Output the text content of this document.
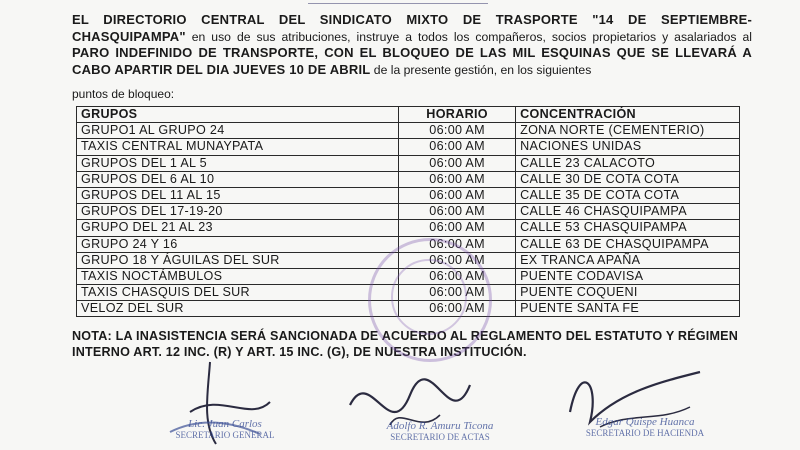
EL DIRECTORIO CENTRAL DEL SINDICATO MIXTO DE TRASPORTE "14 DE SEPTIEMBRE-CHASQUIPAMPA" en uso de sus atribuciones, instruye a todos los compañeros, socios propietarios y asalariados al PARO INDEFINIDO DE TRANSPORTE, CON EL BLOQUEO DE LAS MIL ESQUINAS QUE SE LLEVARÁ A CABO APARTIR DEL DIA JUEVES 10 DE ABRIL de la presente gestión, en los siguientes
puntos de bloqueo:
GRUPOS	HORARIO	CONCENTRACIÓN
GRUPO1 AL GRUPO 24	06:00 AM	ZONA NORTE (CEMENTERIO)
TAXIS CENTRAL MUNAYPATA	06:00 AM	NACIONES UNIDAS
GRUPOS DEL 1 AL 5	06:00 AM	CALLE 23 CALACOTO
GRUPOS DEL 6 AL 10	06:00 AM	CALLE 30 DE COTA COTA
GRUPOS DEL 11 AL 15	06:00 AM	CALLE 35 DE COTA COTA
GRUPOS DEL 17-19-20	06:00 AM	CALLE 46 CHASQUIPAMPA
GRUPO DEL 21 AL 23	06:00 AM	CALLE 53 CHASQUIPAMPA
GRUPO 24 Y 16	06:00 AM	CALLE 63 DE CHASQUIPAMPA
GRUPO 18 Y ÁGUILAS DEL SUR	06:00 AM	EX TRANCA APAÑA
TAXIS NOCTÁMBULOS	06:00 AM	PUENTE CODAVISA
TAXIS CHASQUIS DEL SUR	06:00 AM	PUENTE COQUENI
VELOZ DEL SUR	06:00 AM	PUENTE SANTA FE
NOTA: LA INASISTENCIA SERÁ SANCIONADA DE ACUERDO AL REGLAMENTO DEL ESTATUTO Y RÉGIMEN INTERNO ART. 12 INC. (R) Y ART. 15 INC. (G), DE NUESTRA INSTITUCIÓN.
Lic. Juan Carlos
SECRETARIO GENERAL
Adolfo R. Amuru Ticona
SECRETARIO DE ACTAS
Edgar Quispe Huanca
SECRETARIO DE HACIENDA
